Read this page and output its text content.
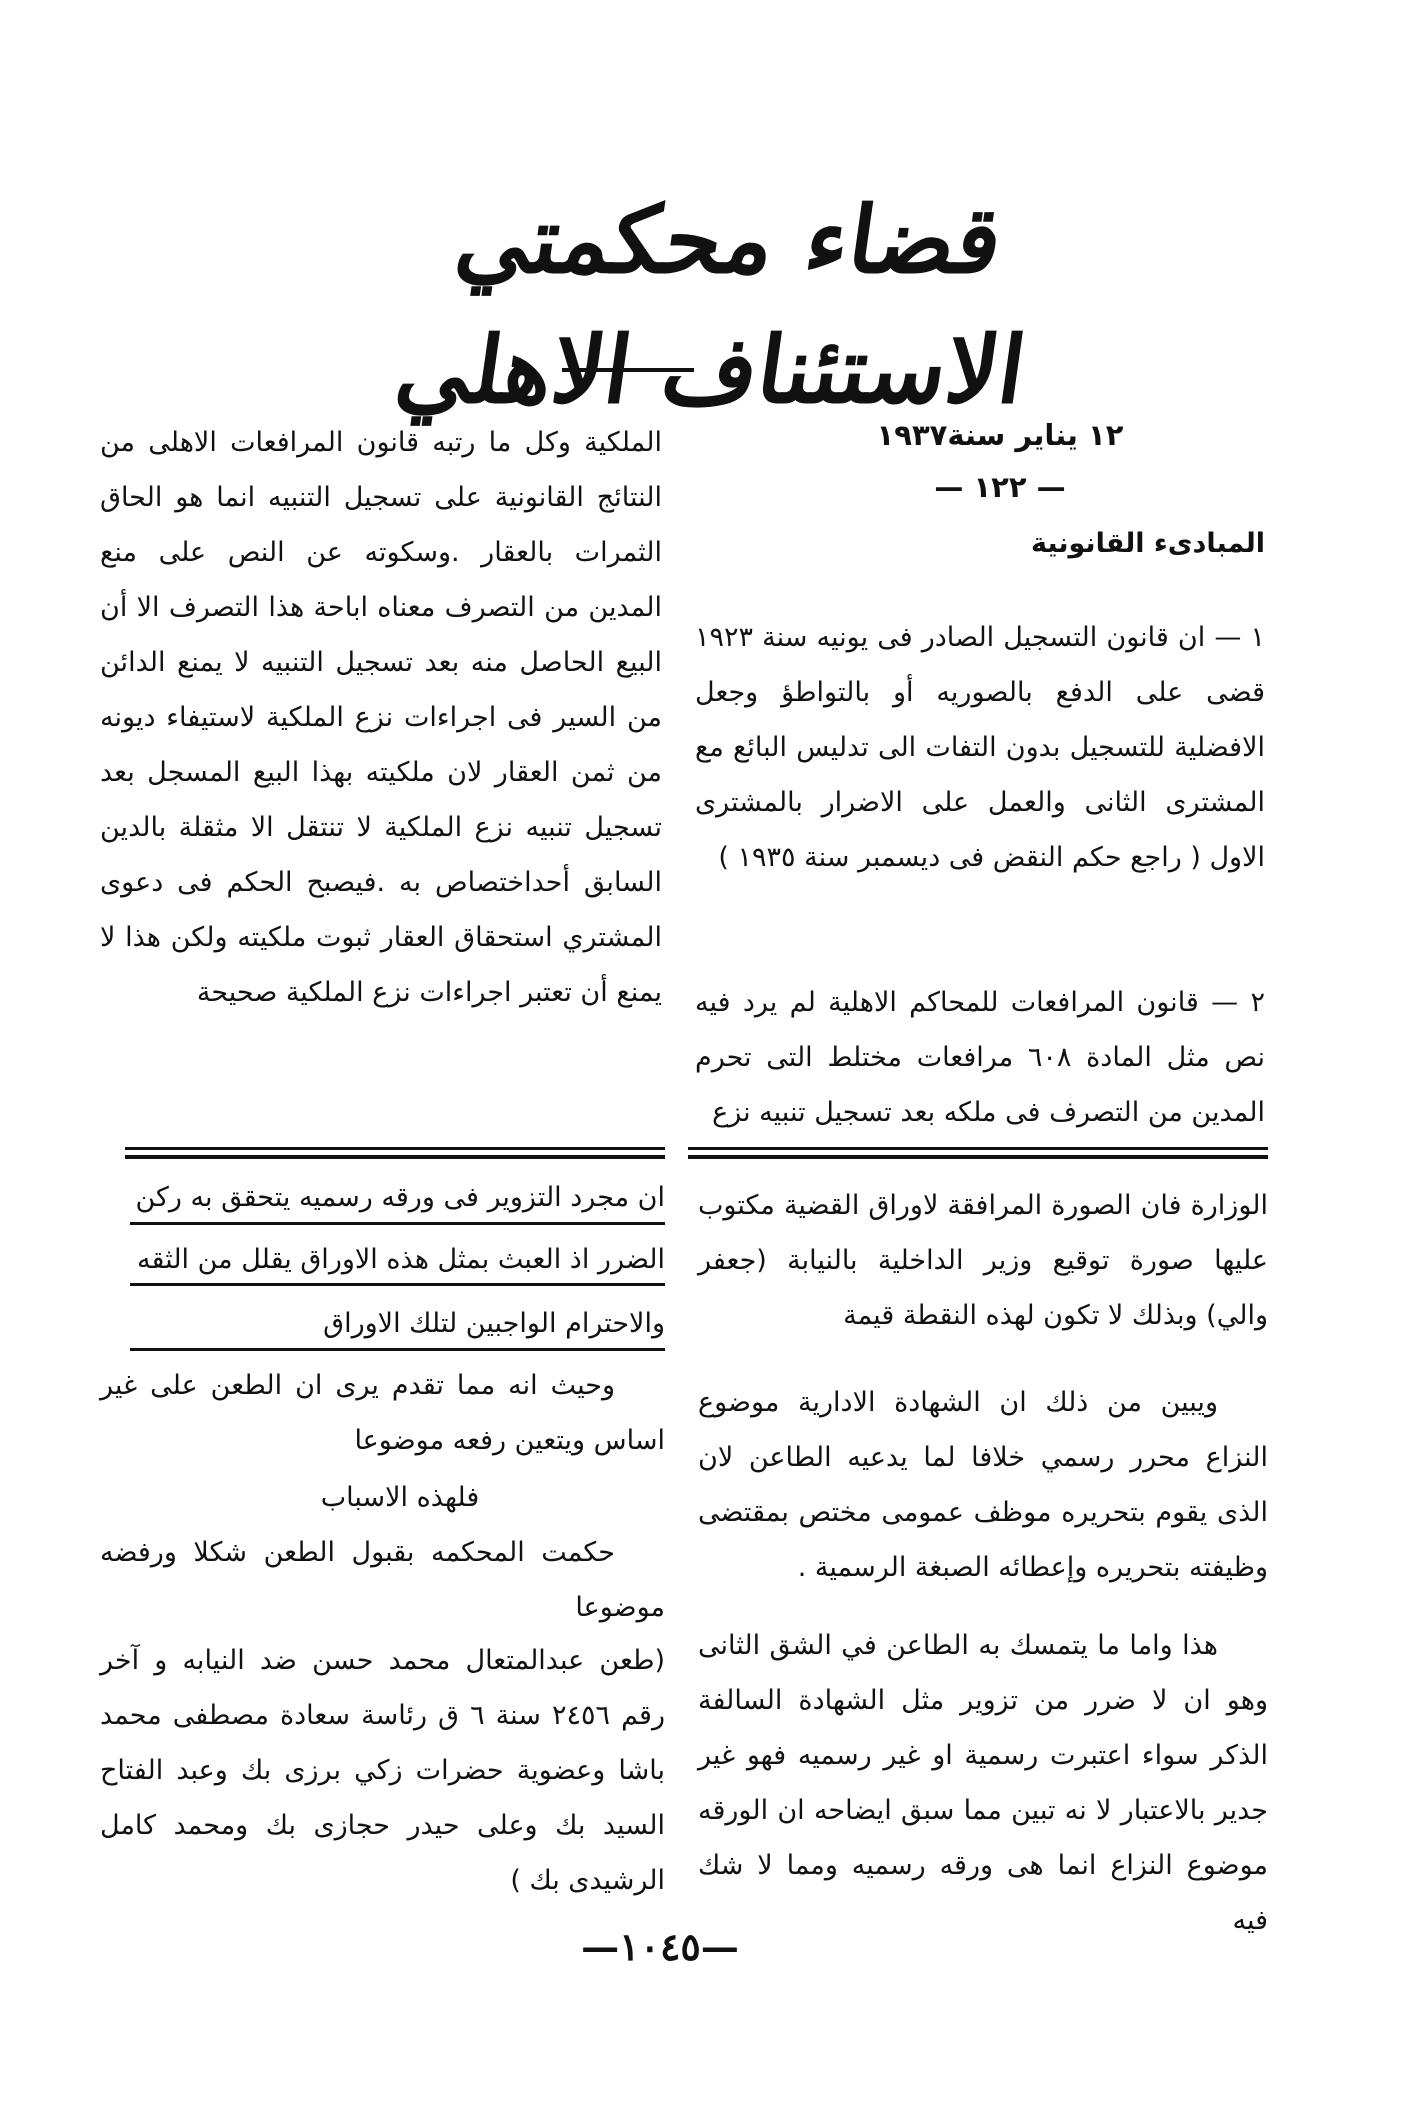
قضاء محكمتي الاستئناف الاهلي
١٢ يناير سنة١٩٣٧
— ١٢٢ —
المبادىء القانونية
١ — ان قانون التسجيل الصادر فى يونيه سنة ١٩٢٣ قضى على الدفع بالصوريه أو بالتواطؤ وجعل الافضلية للتسجيل بدون التفات الى تدليس البائع مع المشترى الثانى والعمل على الاضرار بالمشترى الاول ( راجع حكم النقض فى ديسمبر سنة ١٩٣٥ )
٢ — قانون المرافعات للمحاكم الاهلية لم يرد فيه نص مثل المادة ٦٠٨ مرافعات مختلط التى تحرم المدين من التصرف فى ملكه بعد تسجيل تنبيه نزع
الملكية وكل ما رتبه قانون المرافعات الاهلى من النتائج القانونية على تسجيل التنبيه انما هو الحاق الثمرات بالعقار .وسكوته عن النص على منع المدين من التصرف معناه اباحة هذا التصرف الا أن البيع الحاصل منه بعد تسجيل التنبيه لا يمنع الدائن من السير فى اجراءات نزع الملكية لاستيفاء ديونه من ثمن العقار لان ملكيته بهذا البيع المسجل بعد تسجيل تنبيه نزع الملكية لا تنتقل الا مثقلة بالدين السابق أحداختصاص به .فيصبح الحكم فى دعوى المشتري استحقاق العقار ثبوت ملكيته ولكن هذا لا يمنع أن تعتبر اجراءات نزع الملكية صحيحة
الوزارة فان الصورة المرافقة لاوراق القضية مكتوب عليها صورة توقيع وزير الداخلية بالنيابة (جعفر والي) وبذلك لا تكون لهذه النقطة قيمة
ويبين من ذلك ان الشهادة الادارية موضوع النزاع محرر رسمي خلافا لما يدعيه الطاعن لان الذى يقوم بتحريره موظف عمومى مختص بمقتضى وظيفته بتحريره وإعطائه الصبغة الرسمية .
هذا واما ما يتمسك به الطاعن في الشق الثانى وهو ان لا ضرر من تزوير مثل الشهادة السالفة الذكر سواء اعتبرت رسمية او غير رسميه فهو غير جدير بالاعتبار لا نه تبين مما سبق ايضاحه ان الورقه موضوع النزاع انما هى ورقه رسميه ومما لا شك فيه
ان مجرد التزوير فى ورقه رسميه يتحقق به ركن
الضرر اذ العبث بمثل هذه الاوراق يقلل من الثقه
والاحترام الواجبين لتلك الاوراق
وحيث انه مما تقدم يرى ان الطعن على غير اساس ويتعين رفعه موضوعا
فلهذه الاسباب
حكمت المحكمه بقبول الطعن شكلا ورفضه موضوعا
(طعن عبدالمتعال محمد حسن ضد النيابه و آخر رقم ٢٤٥٦ سنة ٦ ق رئاسة سعادة مصطفى محمد باشا وعضوية حضرات زكي برزى بك وعبد الفتاح السيد بك وعلى حيدر حجازى بك ومحمد كامل الرشيدى بك )
—١٠٤٥—
